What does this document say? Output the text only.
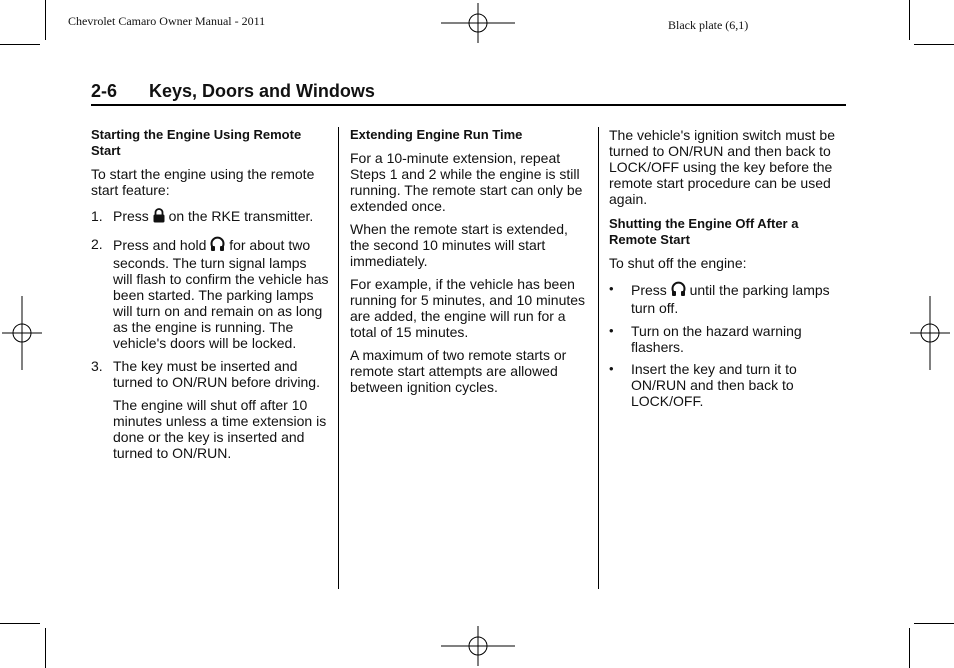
Chevrolet Camaro Owner Manual - 2011	Black plate (6,1)
2-6 Keys, Doors and Windows

Starting the Engine Using Remote Start

To start the engine using the remote start feature:

1. Press on the RKE transmitter.
2. Press and hold for about two seconds. The turn signal lamps will flash to confirm the vehicle has been started. The parking lamps will turn on and remain on as long as the engine is running. The vehicle's doors will be locked.
3. The key must be inserted and turned to ON/RUN before driving.

The engine will shut off after 10 minutes unless a time extension is done or the key is inserted and turned to ON/RUN.

Extending Engine Run Time

For a 10-minute extension, repeat Steps 1 and 2 while the engine is still running. The remote start can only be extended once.

When the remote start is extended, the second 10 minutes will start immediately.

For example, if the vehicle has been running for 5 minutes, and 10 minutes are added, the engine will run for a total of 15 minutes.

A maximum of two remote starts or remote start attempts are allowed between ignition cycles.

The vehicle's ignition switch must be turned to ON/RUN and then back to LOCK/OFF using the key before the remote start procedure can be used again.

Shutting the Engine Off After a Remote Start

To shut off the engine:

• Press until the parking lamps turn off.
• Turn on the hazard warning flashers.
• Insert the key and turn it to ON/RUN and then back to LOCK/OFF.
